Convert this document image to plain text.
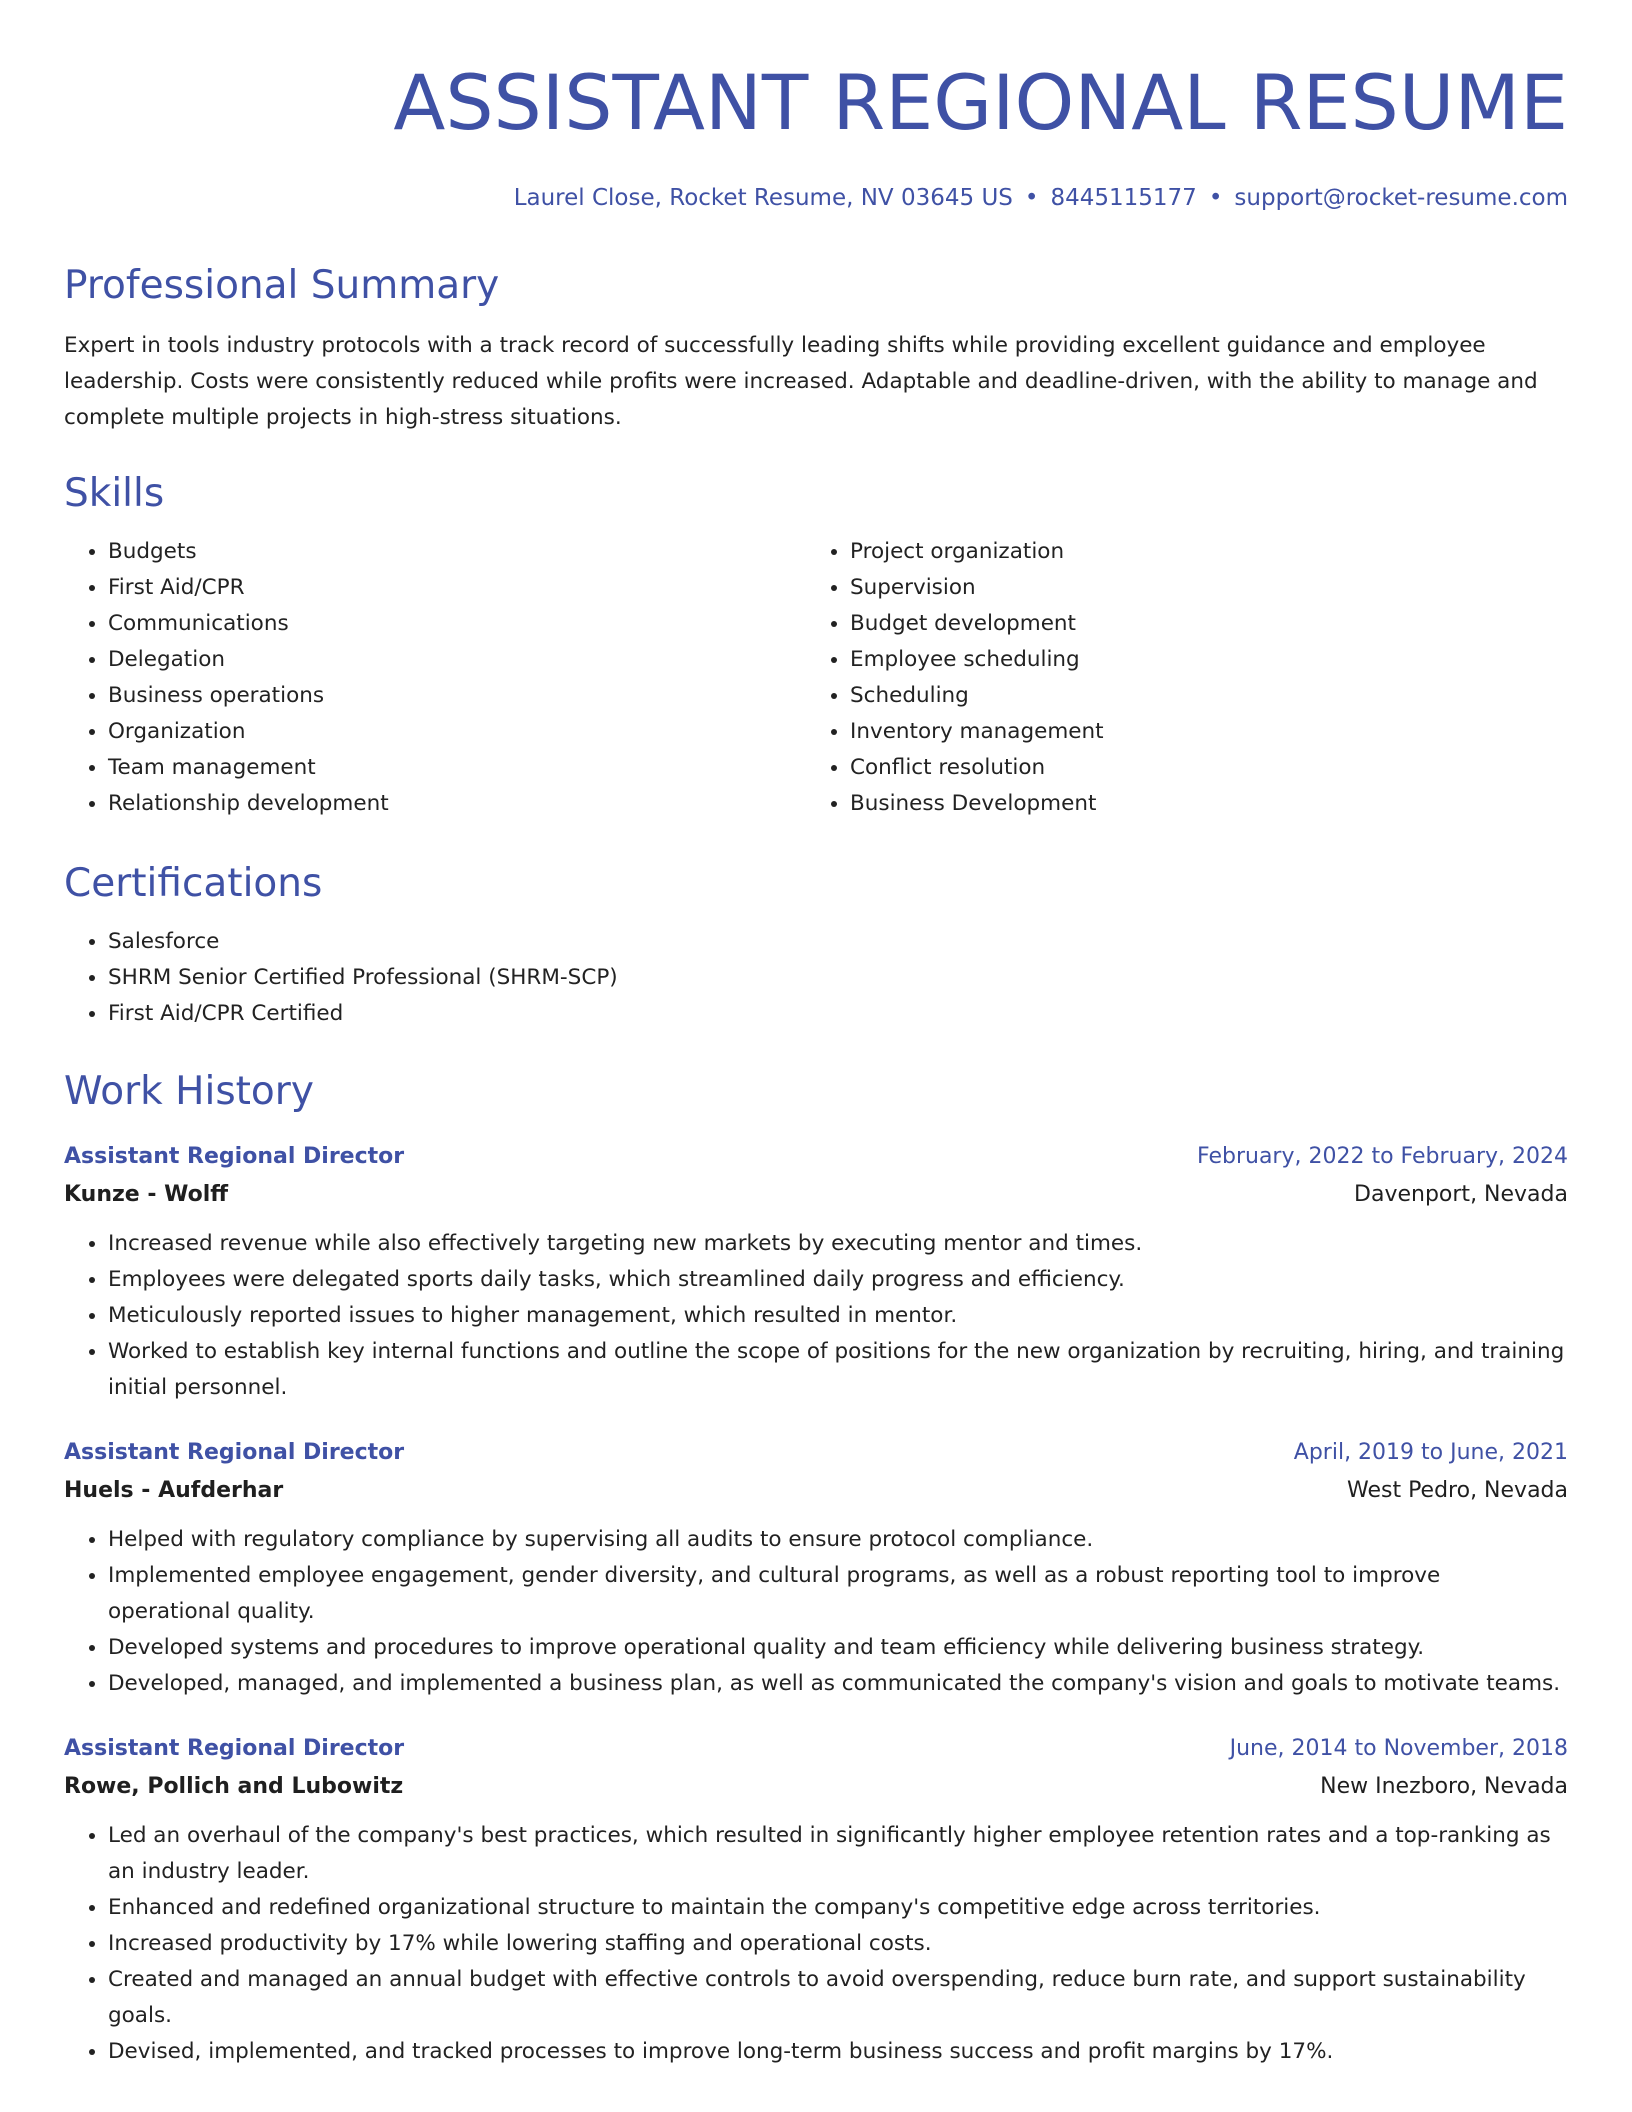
ASSISTANT REGIONAL RESUME
Laurel Close, Rocket Resume, NV 03645 US • 8445115177 • support@rocket-resume.com
Professional Summary

Expert in tools industry protocols with a track record of successfully leading shifts while providing excellent guidance and employee leadership. Costs were consistently reduced while profits were increased. Adaptable and deadline-driven, with the ability to manage and complete multiple projects in high-stress situations.

Skills
• Budgets
• First Aid/CPR
• Communications
• Delegation
• Business operations
• Organization
• Team management
• Relationship development
• Project organization
• Supervision
• Budget development
• Employee scheduling
• Scheduling
• Inventory management
• Conflict resolution
• Business Development
Certifications
• Salesforce
• SHRM Senior Certified Professional (SHRM-SCP)
• First Aid/CPR Certified
Work History
Assistant Regional Director	February, 2022 to February, 2024
Kunze - Wolff	Davenport, Nevada
• Increased revenue while also effectively targeting new markets by executing mentor and times.
• Employees were delegated sports daily tasks, which streamlined daily progress and efficiency.
• Meticulously reported issues to higher management, which resulted in mentor.
• Worked to establish key internal functions and outline the scope of positions for the new organization by recruiting, hiring, and training initial personnel.
Assistant Regional Director	April, 2019 to June, 2021
Huels - Aufderhar	West Pedro, Nevada
• Helped with regulatory compliance by supervising all audits to ensure protocol compliance.
• Implemented employee engagement, gender diversity, and cultural programs, as well as a robust reporting tool to improve operational quality.
• Developed systems and procedures to improve operational quality and team efficiency while delivering business strategy.
• Developed, managed, and implemented a business plan, as well as communicated the company's vision and goals to motivate teams.
Assistant Regional Director	June, 2014 to November, 2018
Rowe, Pollich and Lubowitz	New Inezboro, Nevada
• Led an overhaul of the company's best practices, which resulted in significantly higher employee retention rates and a top-ranking as an industry leader.
• Enhanced and redefined organizational structure to maintain the company's competitive edge across territories.
• Increased productivity by 17% while lowering staffing and operational costs.
• Created and managed an annual budget with effective controls to avoid overspending, reduce burn rate, and support sustainability goals.
• Devised, implemented, and tracked processes to improve long-term business success and profit margins by 17%.
